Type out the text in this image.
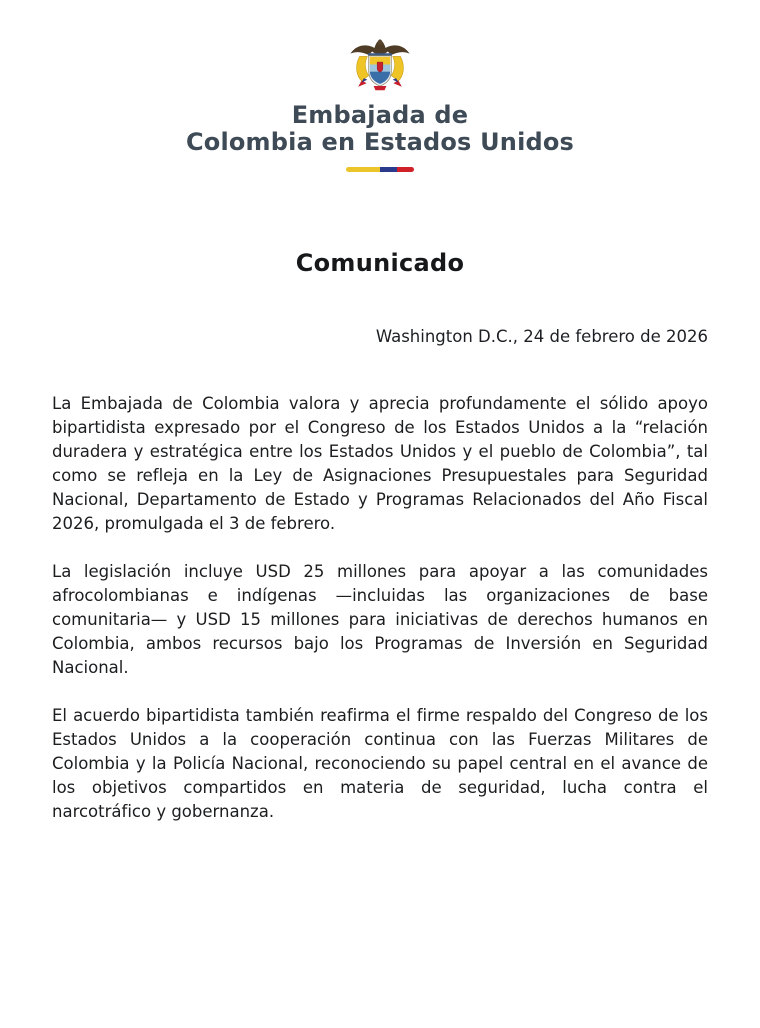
Embajada de
Colombia en Estados Unidos
Comunicado
Washington D.C., 24 de febrero de 2026

La Embajada de Colombia valora y aprecia profundamente el sólido apoyo bipartidista expresado por el Congreso de los Estados Unidos a la “relación duradera y estratégica entre los Estados Unidos y el pueblo de Colombia”, tal como se refleja en la Ley de Asignaciones Presupuestales para Seguridad Nacional, Departamento de Estado y Programas Relacionados del Año Fiscal 2026, promulgada el 3 de febrero.

La legislación incluye USD 25 millones para apoyar a las comunidades afrocolombianas e indígenas —incluidas las organizaciones de base comunitaria— y USD 15 millones para iniciativas de derechos humanos en Colombia, ambos recursos bajo los Programas de Inversión en Seguridad Nacional.

El acuerdo bipartidista también reafirma el firme respaldo del Congreso de los Estados Unidos a la cooperación continua con las Fuerzas Militares de Colombia y la Policía Nacional, reconociendo su papel central en el avance de los objetivos compartidos en materia de seguridad, lucha contra el narcotráfico y gobernanza.
